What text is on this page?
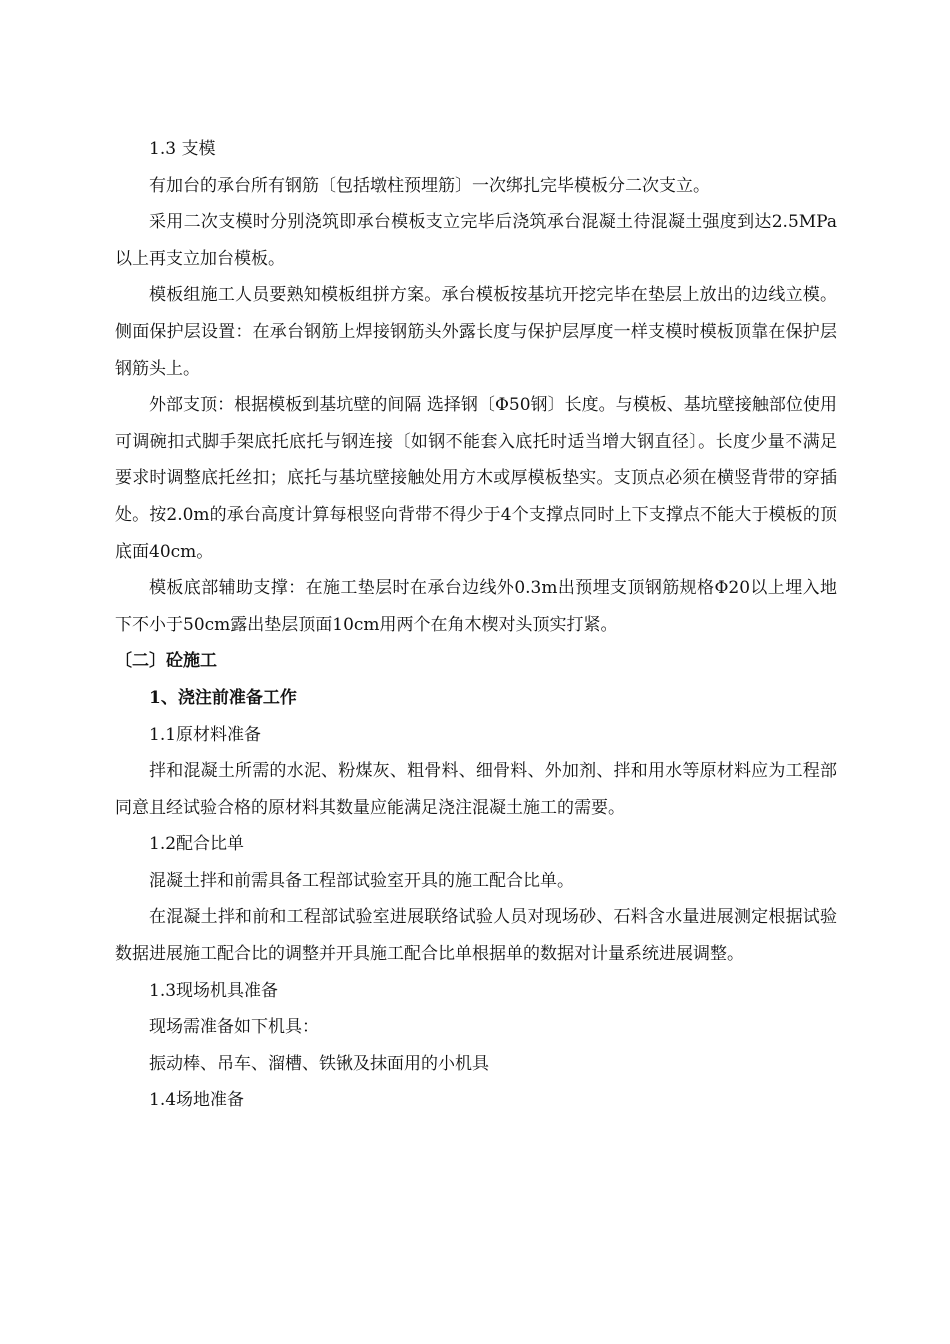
1.3 支模

有加台的承台所有钢筋〔包括墩柱预埋筋〕一次绑扎完毕模板分二次支立。

采用二次支模时分别浇筑即承台模板支立完毕后浇筑承台混凝土待混凝土强度到达2.5MPa以上再支立加台模板。

模板组施工人员要熟知模板组拼方案。承台模板按基坑开挖完毕在垫层上放出的边线立模。侧面保护层设置：在承台钢筋上焊接钢筋头外露长度与保护层厚度一样支模时模板顶靠在保护层钢筋头上。

外部支顶：根据模板到基坑壁的间隔 选择钢〔Φ50钢〕长度。与模板、基坑壁接触部位使用可调碗扣式脚手架底托底托与钢连接〔如钢不能套入底托时适当增大钢直径〕。长度少量不满足要求时调整底托丝扣；底托与基坑壁接触处用方木或厚模板垫实。支顶点必须在横竖背带的穿插处。按2.0m的承台高度计算每根竖向背带不得少于4个支撑点同时上下支撑点不能大于模板的顶底面40cm。

模板底部辅助支撑：在施工垫层时在承台边线外0.3m出预埋支顶钢筋规格Φ20以上埋入地下不小于50cm露出垫层顶面10cm用两个在角木楔对头顶实打紧。

〔二〕砼施工

1、浇注前准备工作

1.1原材料准备

拌和混凝土所需的水泥、粉煤灰、粗骨料、细骨料、外加剂、拌和用水等原材料应为工程部同意且经试验合格的原材料其数量应能满足浇注混凝土施工的需要。

1.2配合比单

混凝土拌和前需具备工程部试验室开具的施工配合比单。

在混凝土拌和前和工程部试验室进展联络试验人员对现场砂、石料含水量进展测定根据试验数据进展施工配合比的调整并开具施工配合比单根据单的数据对计量系统进展调整。

1.3现场机具准备

现场需准备如下机具：

振动棒、吊车、溜槽、铁锹及抹面用的小机具

1.4场地准备
